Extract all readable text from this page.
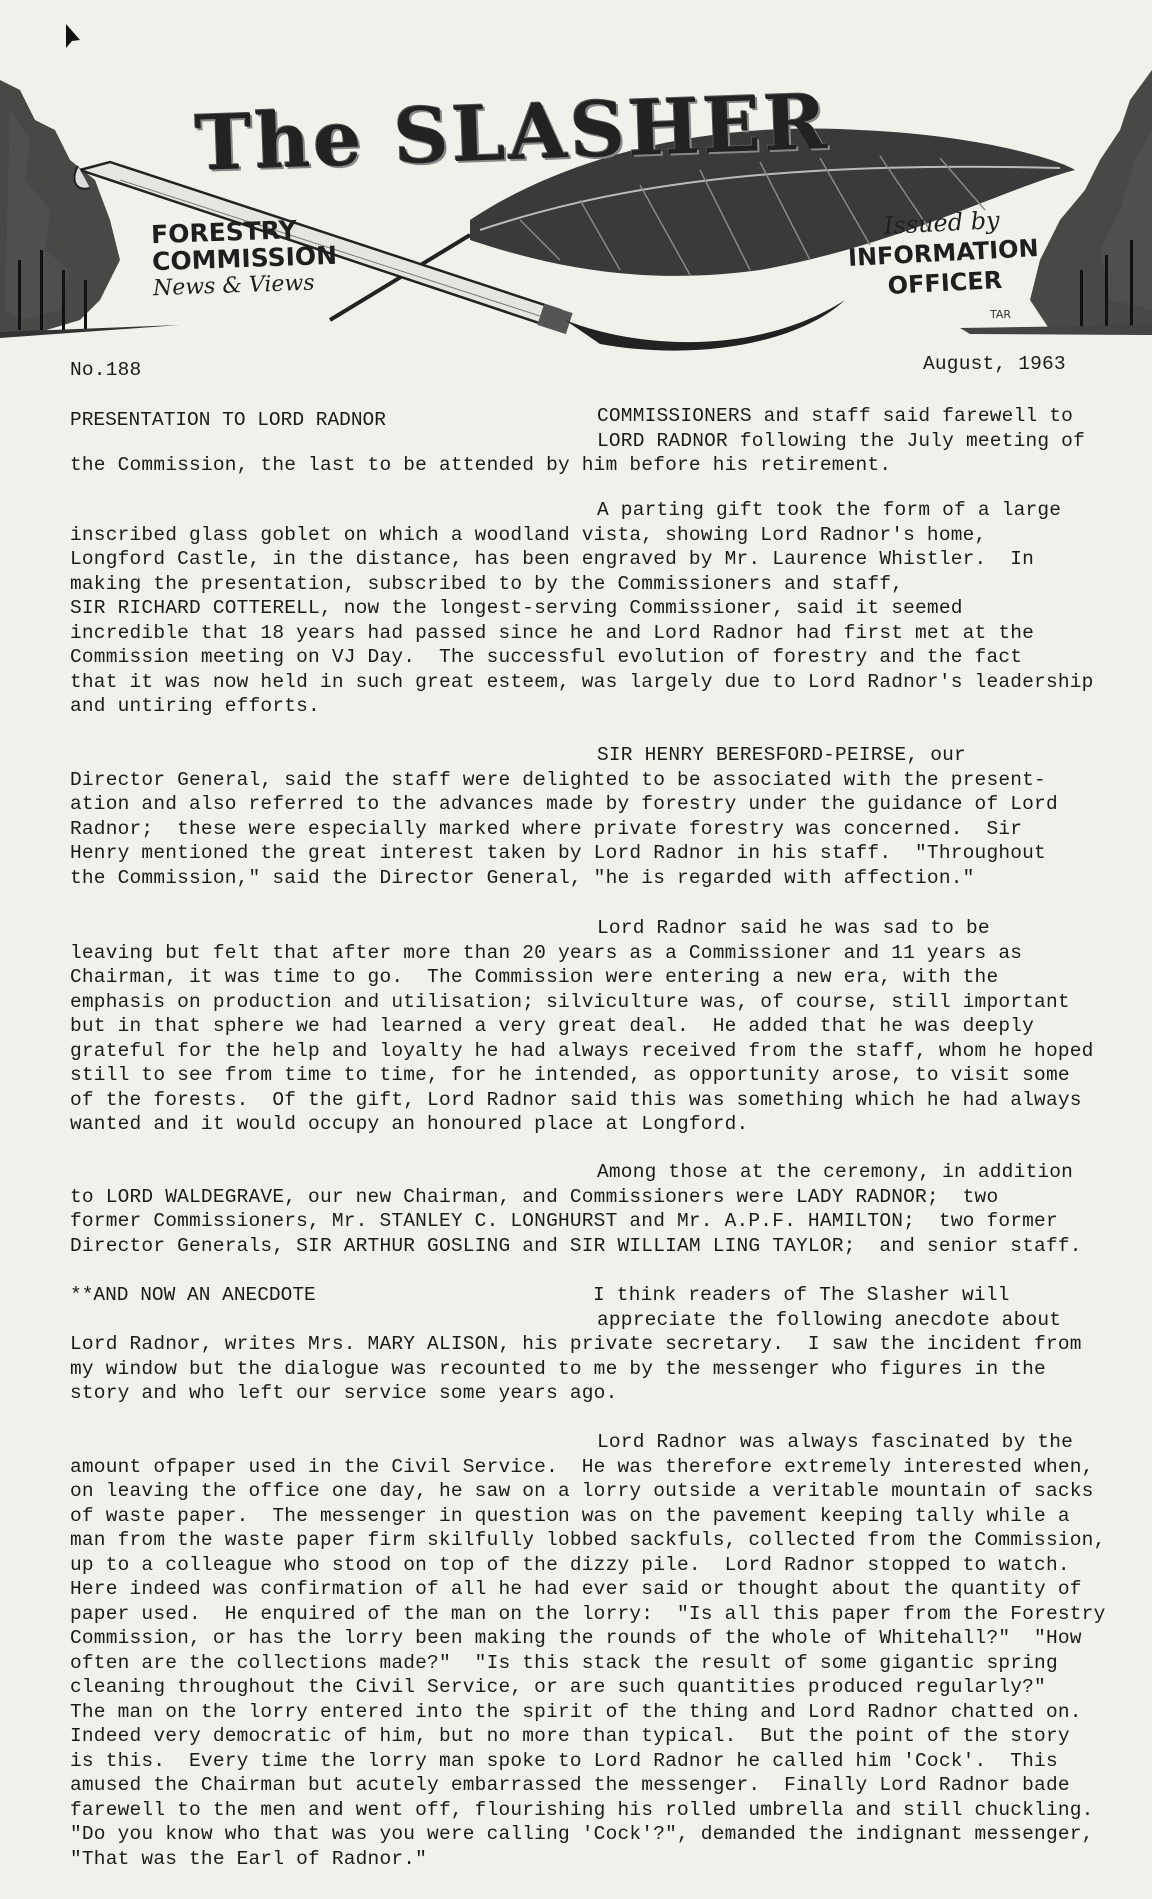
TAR
The SLASHER
FORESTRY
COMMISSION
News & Views
Issued by
INFORMATION
OFFICER
No.188	August, 1963
PRESENTATION TO LORD RADNOR	COMMISSIONERS and staff said farewell to
LORD RADNOR following the July meeting of
the Commission, the last to be attended by him before his retirement.
A parting gift took the form of a large
inscribed glass goblet on which a woodland vista, showing Lord Radnor's home,
Longford Castle, in the distance, has been engraved by Mr. Laurence Whistler.  In
making the presentation, subscribed to by the Commissioners and staff,
SIR RICHARD COTTERELL, now the longest-serving Commissioner, said it seemed
incredible that 18 years had passed since he and Lord Radnor had first met at the
Commission meeting on VJ Day.  The successful evolution of forestry and the fact
that it was now held in such great esteem, was largely due to Lord Radnor's leadership
and untiring efforts.
SIR HENRY BERESFORD-PEIRSE, our
Director General, said the staff were delighted to be associated with the present-
ation and also referred to the advances made by forestry under the guidance of Lord
Radnor;  these were especially marked where private forestry was concerned.  Sir
Henry mentioned the great interest taken by Lord Radnor in his staff.  "Throughout
the Commission," said the Director General, "he is regarded with affection."
Lord Radnor said he was sad to be
leaving but felt that after more than 20 years as a Commissioner and 11 years as
Chairman, it was time to go.  The Commission were entering a new era, with the
emphasis on production and utilisation; silviculture was, of course, still important
but in that sphere we had learned a very great deal.  He added that he was deeply
grateful for the help and loyalty he had always received from the staff, whom he hoped
still to see from time to time, for he intended, as opportunity arose, to visit some
of the forests.  Of the gift, Lord Radnor said this was something which he had always
wanted and it would occupy an honoured place at Longford.
Among those at the ceremony, in addition
to LORD WALDEGRAVE, our new Chairman, and Commissioners were LADY RADNOR;  two
former Commissioners, Mr. STANLEY C. LONGHURST and Mr. A.P.F. HAMILTON;  two former
Director Generals, SIR ARTHUR GOSLING and SIR WILLIAM LING TAYLOR;  and senior staff.
**AND NOW AN ANECDOTE	I think readers of The Slasher will
appreciate the following anecdote about
Lord Radnor, writes Mrs. MARY ALISON, his private secretary.  I saw the incident from
my window but the dialogue was recounted to me by the messenger who figures in the
story and who left our service some years ago.
Lord Radnor was always fascinated by the
amount ofpaper used in the Civil Service.  He was therefore extremely interested when,
on leaving the office one day, he saw on a lorry outside a veritable mountain of sacks
of waste paper.  The messenger in question was on the pavement keeping tally while a
man from the waste paper firm skilfully lobbed sackfuls, collected from the Commission,
up to a colleague who stood on top of the dizzy pile.  Lord Radnor stopped to watch.
Here indeed was confirmation of all he had ever said or thought about the quantity of
paper used.  He enquired of the man on the lorry:  "Is all this paper from the Forestry
Commission, or has the lorry been making the rounds of the whole of Whitehall?"  "How
often are the collections made?"  "Is this stack the result of some gigantic spring
cleaning throughout the Civil Service, or are such quantities produced regularly?"
The man on the lorry entered into the spirit of the thing and Lord Radnor chatted on.
Indeed very democratic of him, but no more than typical.  But the point of the story
is this.  Every time the lorry man spoke to Lord Radnor he called him 'Cock'.  This
amused the Chairman but acutely embarrassed the messenger.  Finally Lord Radnor bade
farewell to the men and went off, flourishing his rolled umbrella and still chuckling.
"Do you know who that was you were calling 'Cock'?", demanded the indignant messenger,
"That was the Earl of Radnor."
